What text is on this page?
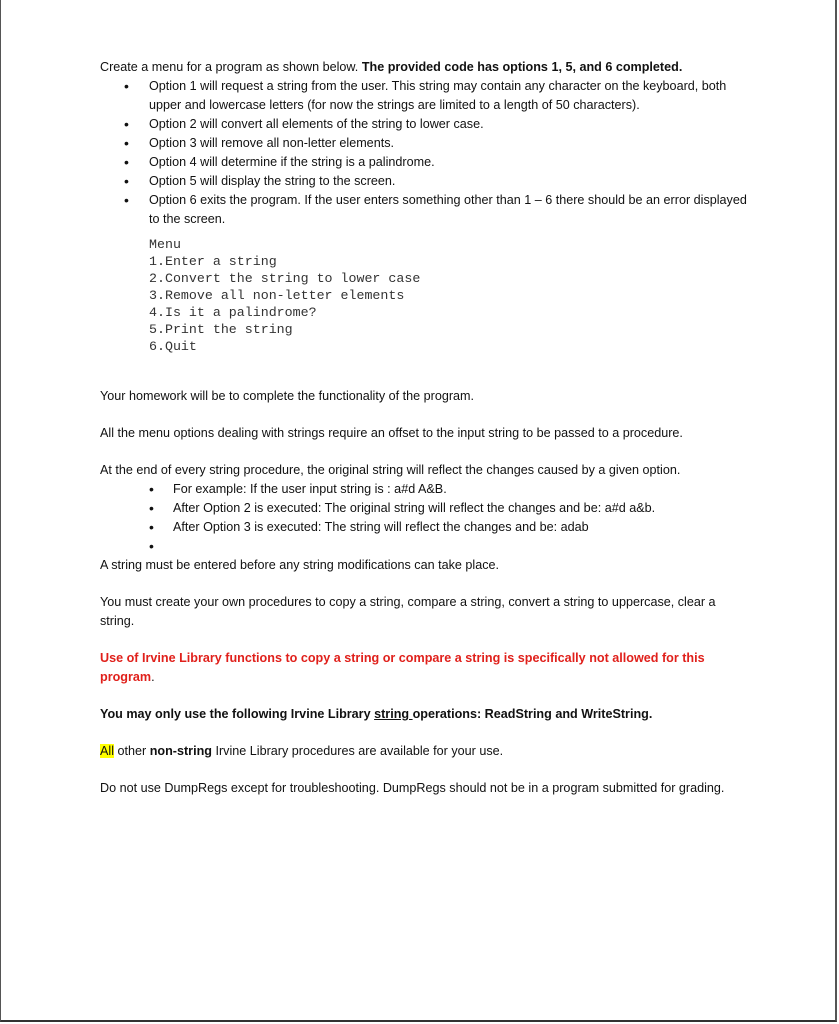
Create a menu for a program as shown below. The provided code has options 1, 5, and 6 completed.

• Option 1 will request a string from the user. This string may contain any character on the keyboard, both upper and lowercase letters (for now the strings are limited to a length of 50 characters).
• Option 2 will convert all elements of the string to lower case.
• Option 3 will remove all non-letter elements.
• Option 4 will determine if the string is a palindrome.
• Option 5 will display the string to the screen.
• Option 6 exits the program. If the user enters something other than 1 – 6 there should be an error displayed to the screen.
Menu
1.Enter a string
2.Convert the string to lower case
3.Remove all non-letter elements
4.Is it a palindrome?
5.Print the string
6.Quit

Your homework will be to complete the functionality of the program.

All the menu options dealing with strings require an offset to the input string to be passed to a procedure.

At the end of every string procedure, the original string will reflect the changes caused by a given option.

• For example: If the user input string is : a#d A&B.
• After Option 2 is executed: The original string will reflect the changes and be: a#d a&b.
• After Option 3 is executed: The string will reflect the changes and be: adab
•

A string must be entered before any string modifications can take place.

You must create your own procedures to copy a string, compare a string, convert a string to uppercase, clear a string.

Use of Irvine Library functions to copy a string or compare a string is specifically not allowed for this program.

You may only use the following Irvine Library string operations: ReadString and WriteString.

All other non-string Irvine Library procedures are available for your use.

Do not use DumpRegs except for troubleshooting. DumpRegs should not be in a program submitted for grading.
